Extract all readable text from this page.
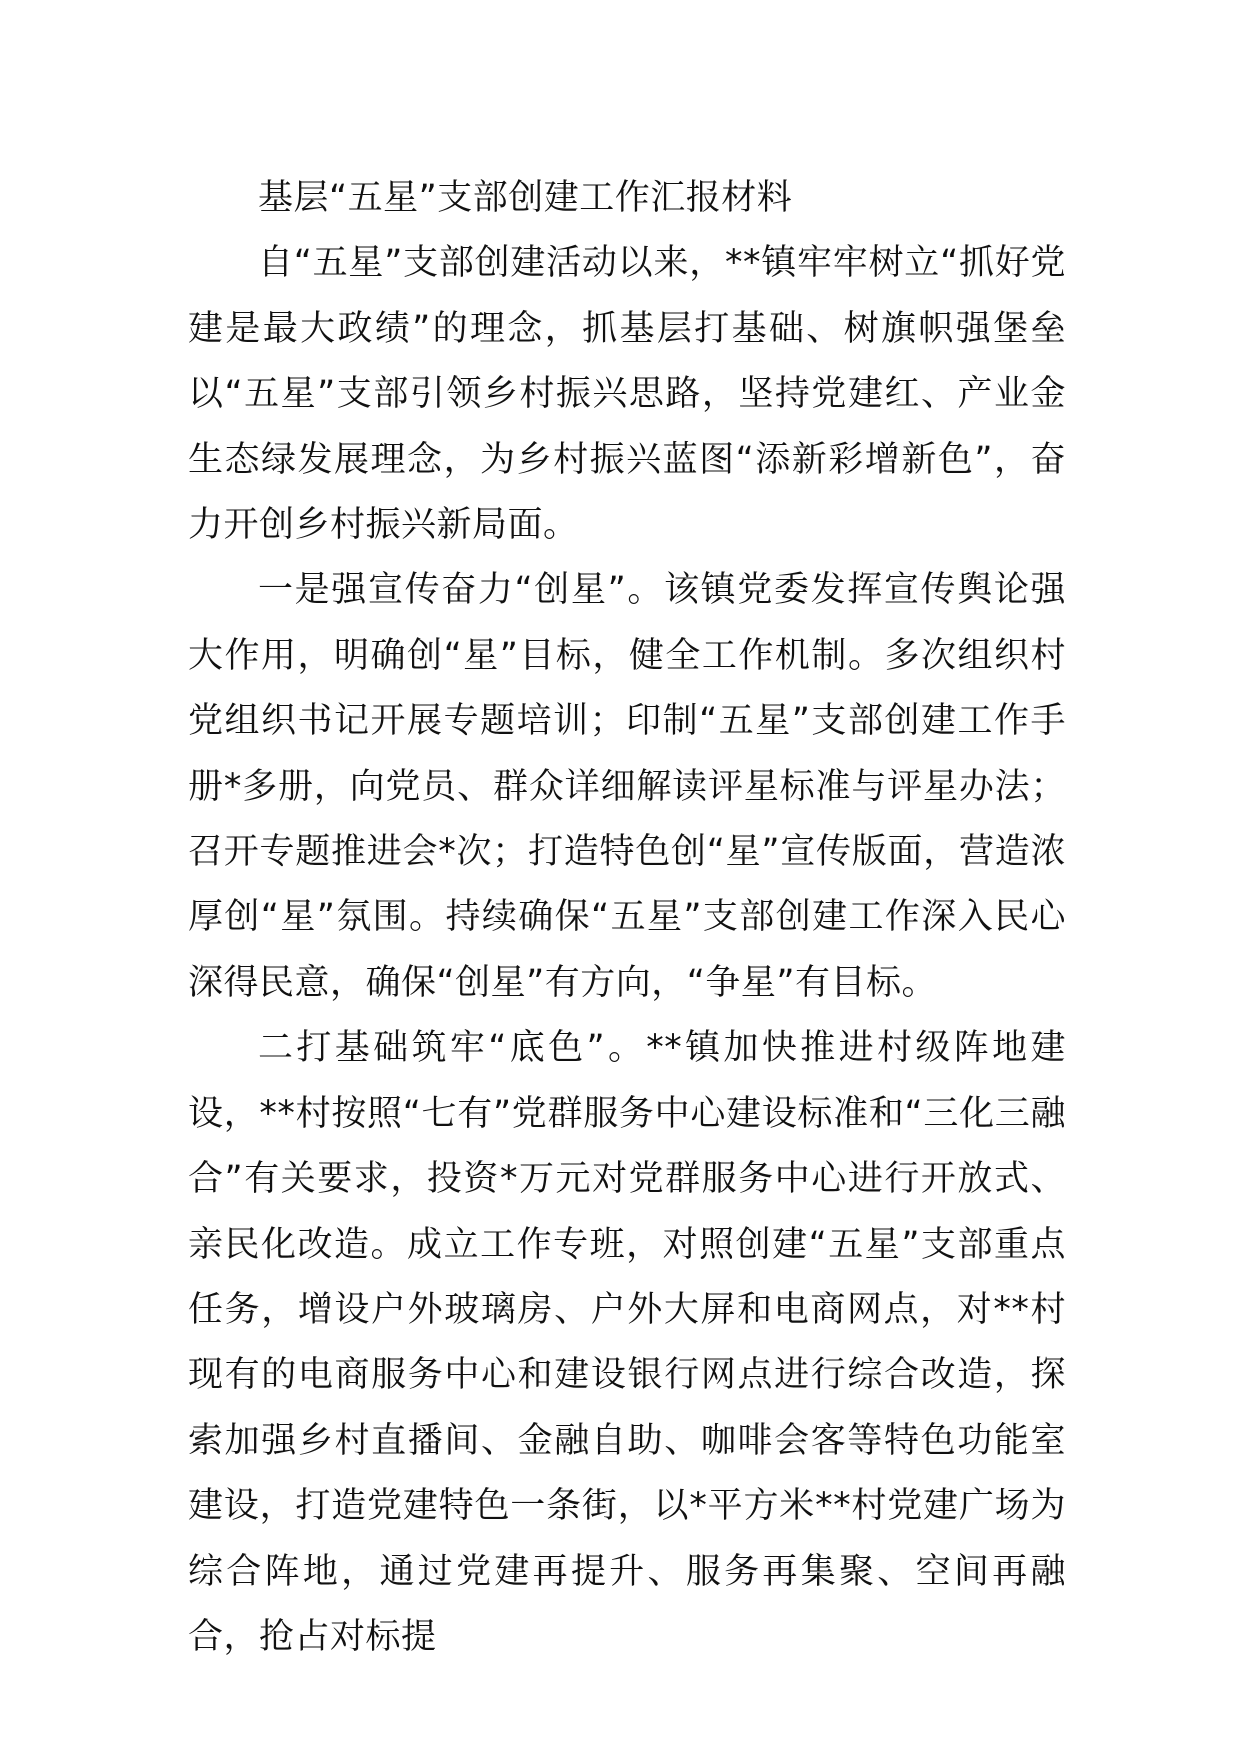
基层“五星”支部创建工作汇报材料

自“五星”支部创建活动以来，**镇牢牢树立“抓好党建是最大政绩”的理念，抓基层打基础、树旗帜强堡垒以“五星”支部引领乡村振兴思路，坚持党建红、产业金生态绿发展理念，为乡村振兴蓝图“添新彩增新色”，奋力开创乡村振兴新局面。

一是强宣传奋力“创星”。该镇党委发挥宣传舆论强大作用，明确创“星”目标，健全工作机制。多次组织村党组织书记开展专题培训；印制“五星”支部创建工作手册*多册，向党员、群众详细解读评星标准与评星办法；召开专题推进会*次；打造特色创“星”宣传版面，营造浓厚创“星”氛围。持续确保“五星”支部创建工作深入民心深得民意，确保“创星”有方向，“争星”有目标。

二打基础筑牢“底色”。**镇加快推进村级阵地建设，**村按照“七有”党群服务中心建设标准和“三化三融合”有关要求，投资*万元对党群服务中心进行开放式、亲民化改造。成立工作专班，对照创建“五星”支部重点任务，增设户外玻璃房、户外大屏和电商网点，对**村现有的电商服务中心和建设银行网点进行综合改造，探索加强乡村直播间、金融自助、咖啡会客等特色功能室建设，打造党建特色一条街，以*平方米**村党建广场为综合阵地，通过党建再提升、服务再集聚、空间再融合，抢占对标提
